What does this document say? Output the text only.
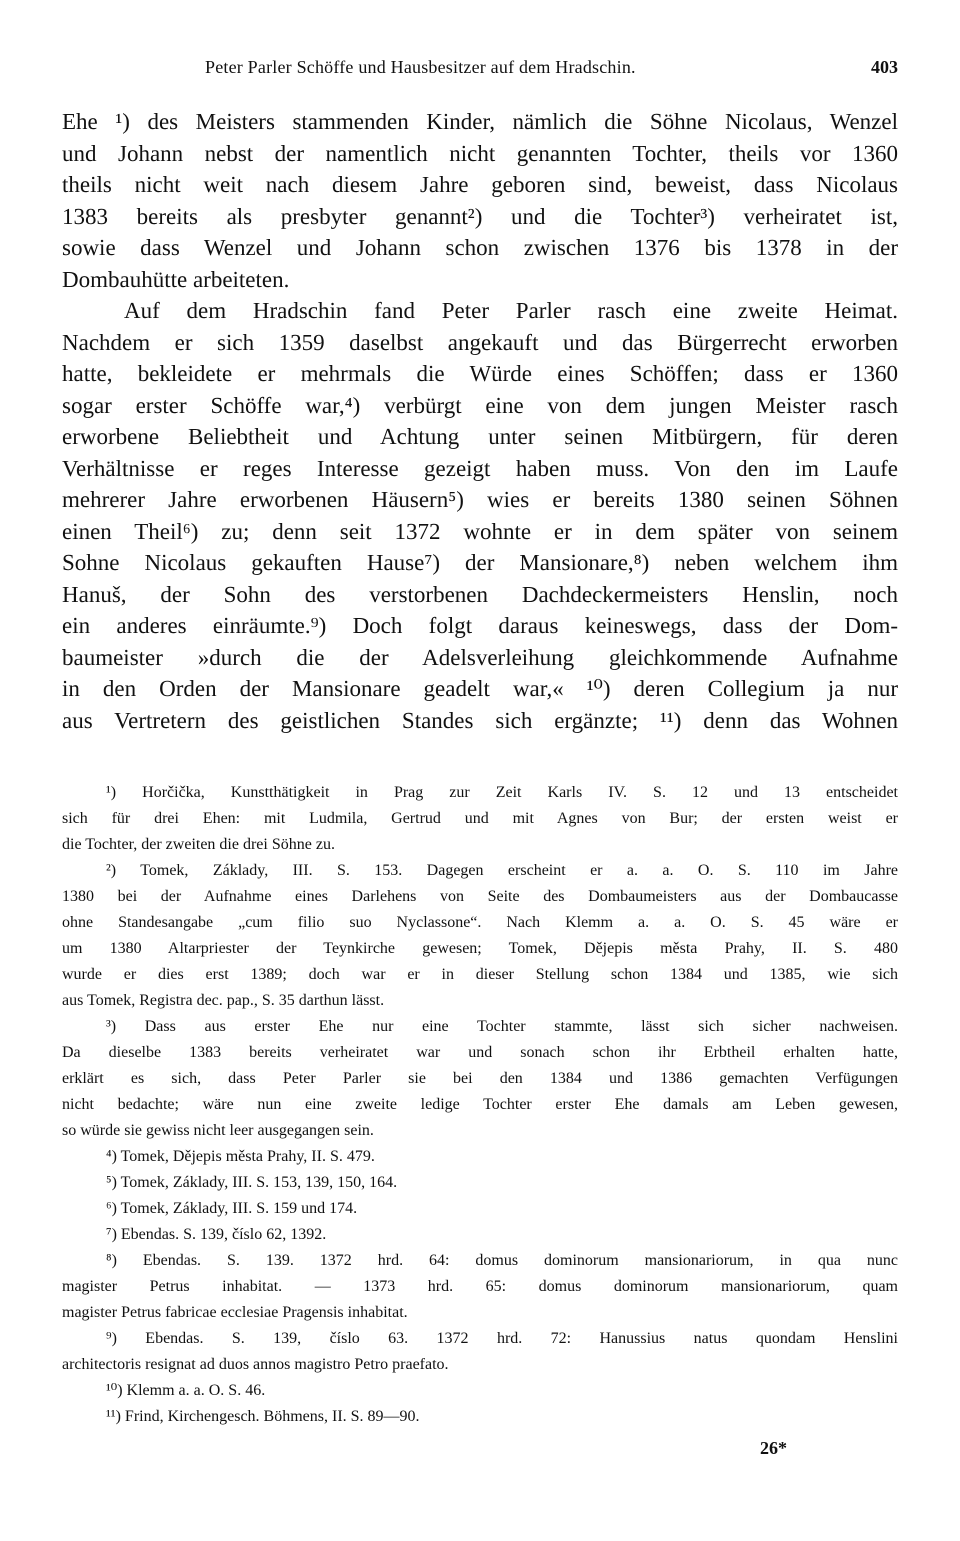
Peter Parler Schöffe und Hausbesitzer auf dem Hradschin.	403
Ehe ¹) des Meisters stammenden Kinder, nämlich die Söhne Nicolaus, Wenzel
und Johann nebst der namentlich nicht genannten Tochter, theils vor 1360
theils nicht weit nach diesem Jahre geboren sind, beweist, dass Nicolaus
1383 bereits als presbyter genannt²) und die Tochter³) verheiratet ist,
sowie dass Wenzel und Johann schon zwischen 1376 bis 1378 in der
Dombauhütte arbeiteten.
Auf dem Hradschin fand Peter Parler rasch eine zweite Heimat.
Nachdem er sich 1359 daselbst angekauft und das Bürgerrecht erworben
hatte, bekleidete er mehrmals die Würde eines Schöffen; dass er 1360
sogar erster Schöffe war,⁴) verbürgt eine von dem jungen Meister rasch
erworbene Beliebtheit und Achtung unter seinen Mitbürgern, für deren
Verhältnisse er reges Interesse gezeigt haben muss. Von den im Laufe
mehrerer Jahre erworbenen Häusern⁵) wies er bereits 1380 seinen Söhnen
einen Theil⁶) zu; denn seit 1372 wohnte er in dem später von seinem
Sohne Nicolaus gekauften Hause⁷) der Mansionare,⁸) neben welchem ihm
Hanuš, der Sohn des verstorbenen Dachdeckermeisters Henslin, noch
ein anderes einräumte.⁹) Doch folgt daraus keineswegs, dass der Dom-
baumeister »durch die der Adelsverleihung gleichkommende Aufnahme
in den Orden der Mansionare geadelt war,« ¹⁰) deren Collegium ja nur
aus Vertretern des geistlichen Standes sich ergänzte; ¹¹) denn das Wohnen
¹) Horčička, Kunstthätigkeit in Prag zur Zeit Karls IV. S. 12 und 13 entscheidet
sich für drei Ehen: mit Ludmila, Gertrud und mit Agnes von Bur; der ersten weist er
die Tochter, der zweiten die drei Söhne zu.
²) Tomek, Základy, III. S. 153. Dagegen erscheint er a. a. O. S. 110 im Jahre
1380 bei der Aufnahme eines Darlehens von Seite des Dombaumeisters aus der Dombaucasse
ohne Standesangabe „cum filio suo Nyclassone“. Nach Klemm a. a. O. S. 45 wäre er
um 1380 Altarpriester der Teynkirche gewesen; Tomek, Dějepis města Prahy, II. S. 480
wurde er dies erst 1389; doch war er in dieser Stellung schon 1384 und 1385, wie sich
aus Tomek, Registra dec. pap., S. 35 darthun lässt.
³) Dass aus erster Ehe nur eine Tochter stammte, lässt sich sicher nachweisen.
Da dieselbe 1383 bereits verheiratet war und sonach schon ihr Erbtheil erhalten hatte,
erklärt es sich, dass Peter Parler sie bei den 1384 und 1386 gemachten Verfügungen
nicht bedachte; wäre nun eine zweite ledige Tochter erster Ehe damals am Leben gewesen,
so würde sie gewiss nicht leer ausgegangen sein.
⁴) Tomek, Dějepis města Prahy, II. S. 479.
⁵) Tomek, Základy, III. S. 153, 139, 150, 164.
⁶) Tomek, Základy, III. S. 159 und 174.
⁷) Ebendas. S. 139, číslo 62, 1392.
⁸) Ebendas. S. 139. 1372 hrd. 64: domus dominorum mansionariorum, in qua nunc
magister Petrus inhabitat. — 1373 hrd. 65: domus dominorum mansionariorum, quam
magister Petrus fabricae ecclesiae Pragensis inhabitat.
⁹) Ebendas. S. 139, číslo 63. 1372 hrd. 72: Hanussius natus quondam Henslini
architectoris resignat ad duos annos magistro Petro praefato.
¹⁰) Klemm a. a. O. S. 46.
¹¹) Frind, Kirchengesch. Böhmens, II. S. 89—90.
26*
